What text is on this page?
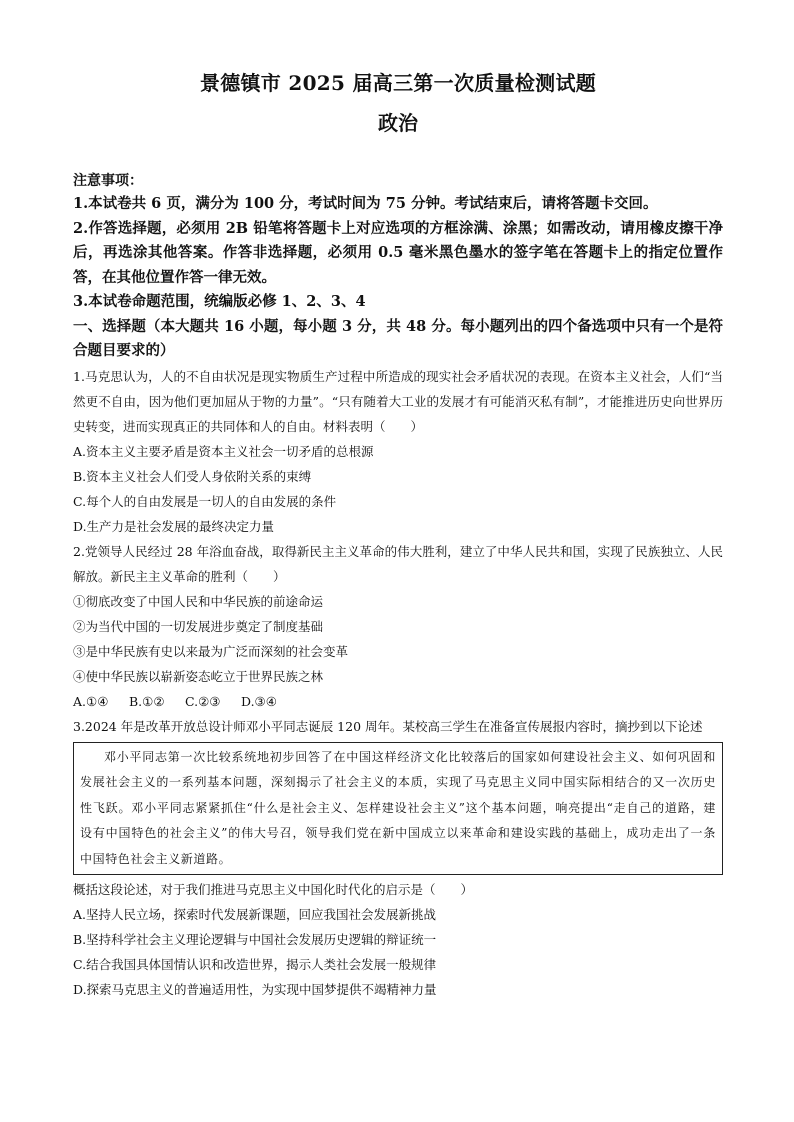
景德镇市 2025 届高三第一次质量检测试题
政治
注意事项：
1.本试卷共 6 页，满分为 100 分，考试时间为 75 分钟。考试结束后，请将答题卡交回。
2.作答选择题，必须用 2B 铅笔将答题卡上对应选项的方框涂满、涂黑；如需改动，请用橡皮擦干净后，再选涂其他答案。作答非选择题，必须用 0.5 毫米黑色墨水的签字笔在答题卡上的指定位置作答，在其他位置作答一律无效。
3.本试卷命题范围，统编版必修 1、2、3、4
一、选择题（本大题共 16 小题，每小题 3 分，共 48 分。每小题列出的四个备选项中只有一个是符合题目要求的）
1.马克思认为，人的不自由状况是现实物质生产过程中所造成的现实社会矛盾状况的表现。在资本主义社会，人们“当然更不自由，因为他们更加屈从于物的力量”。“只有随着大工业的发展才有可能消灭私有制”，才能推进历史向世界历史转变，进而实现真正的共同体和人的自由。材料表明（　　）
A.资本主义主要矛盾是资本主义社会一切矛盾的总根源
B.资本主义社会人们受人身依附关系的束缚
C.每个人的自由发展是一切人的自由发展的条件
D.生产力是社会发展的最终决定力量
2.党领导人民经过 28 年浴血奋战，取得新民主主义革命的伟大胜利，建立了中华人民共和国，实现了民族独立、人民解放。新民主主义革命的胜利（　　）
①彻底改变了中国人民和中华民族的前途命运
②为当代中国的一切发展进步奠定了制度基础
③是中华民族有史以来最为广泛而深刻的社会变革
④使中华民族以崭新姿态屹立于世界民族之林
A.①④	B.①②	C.②③	D.③④
3.2024 年是改革开放总设计师邓小平同志诞辰 120 周年。某校高三学生在准备宣传展报内容时，摘抄到以下论述
邓小平同志第一次比较系统地初步回答了在中国这样经济文化比较落后的国家如何建设社会主义、如何巩固和发展社会主义的一系列基本问题，深刻揭示了社会主义的本质，实现了马克思主义同中国实际相结合的又一次历史性飞跃。邓小平同志紧紧抓住“什么是社会主义、怎样建设社会主义”这个基本问题，响亮提出“走自己的道路，建设有中国特色的社会主义”的伟大号召，领导我们党在新中国成立以来革命和建设实践的基础上，成功走出了一条中国特色社会主义新道路。
概括这段论述，对于我们推进马克思主义中国化时代化的启示是（　　）
A.坚持人民立场，探索时代发展新课题，回应我国社会发展新挑战
B.坚持科学社会主义理论逻辑与中国社会发展历史逻辑的辩证统一
C.结合我国具体国情认识和改造世界，揭示人类社会发展一般规律
D.探索马克思主义的普遍适用性，为实现中国梦提供不竭精神力量
